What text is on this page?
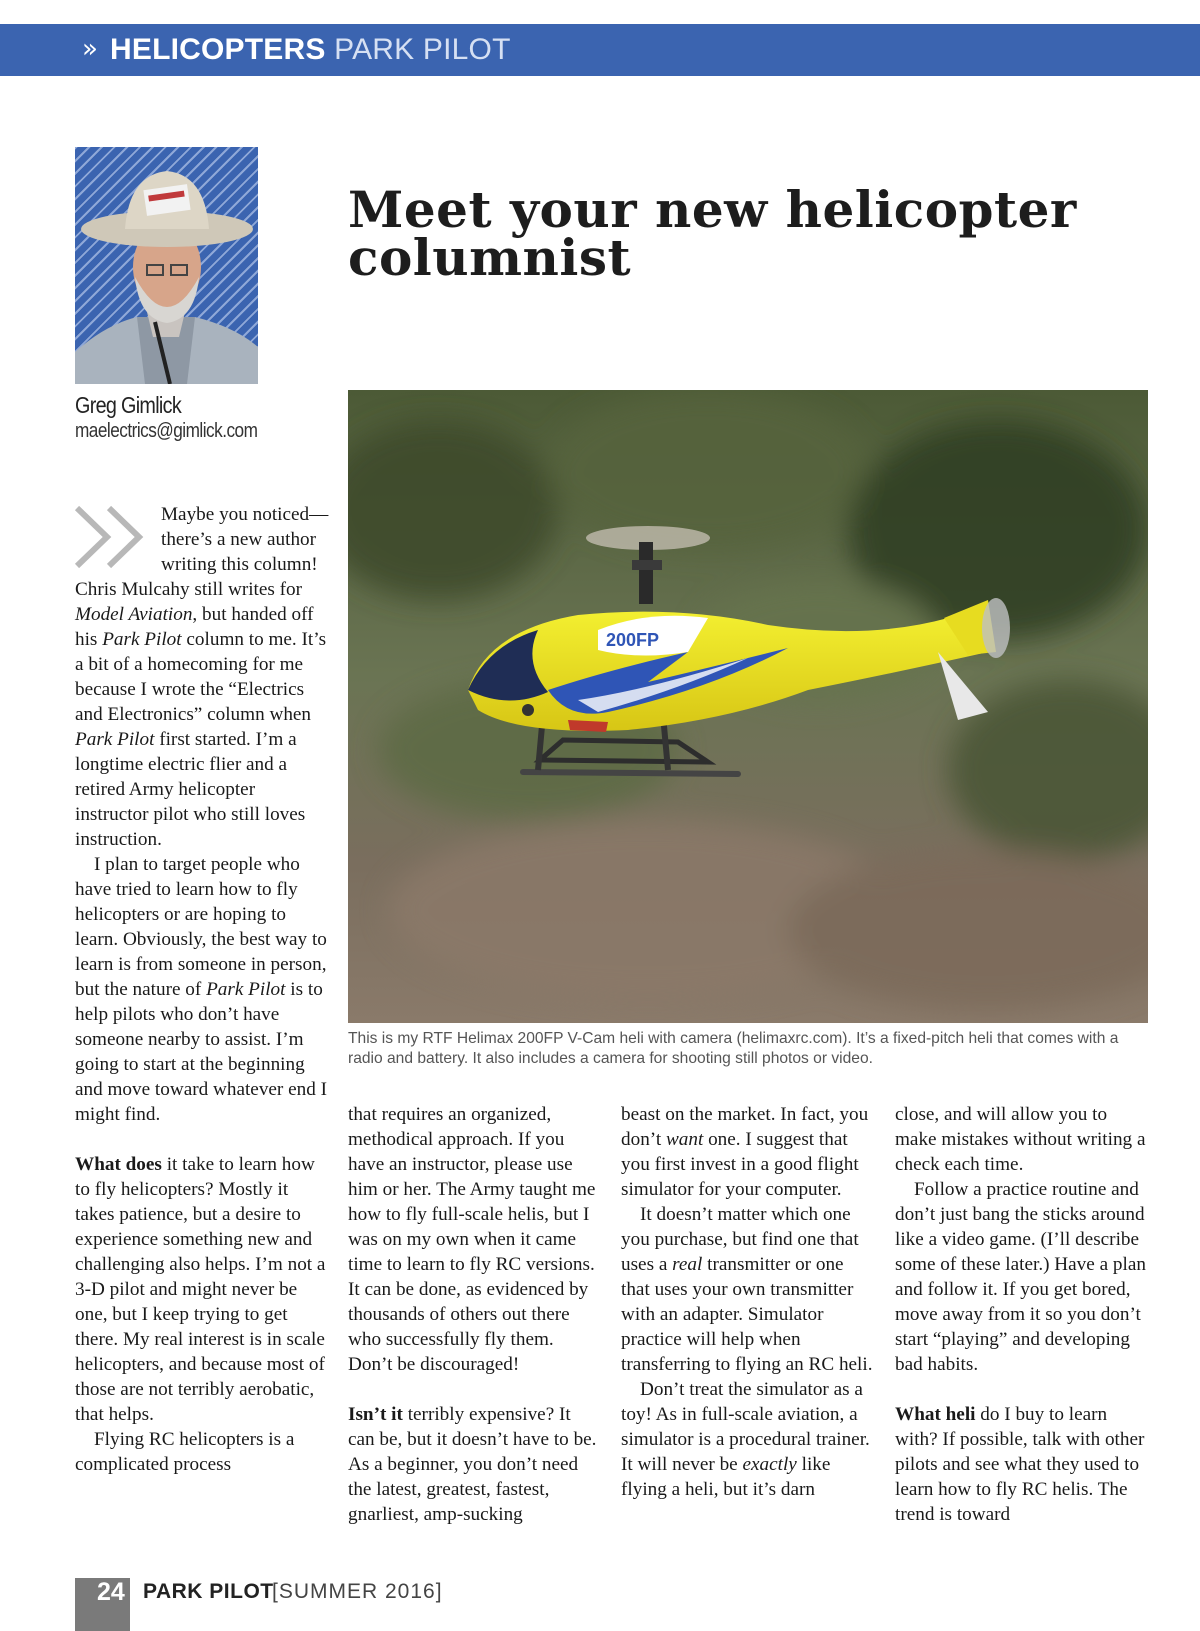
» HELICOPTERS PARK PILOT
Greg Gimlick
maelectrics@gimlick.com
Meet your new helicopter columnist
200FP

This is my RTF Helimax 200FP V-Cam heli with camera (helimaxrc.com). It’s a fixed-pitch heli that comes with a radio and battery. It also includes a camera for shooting still photos or video.

Maybe you noticed—there’s a new author writing this column! Chris Mulcahy still writes for Model Aviation, but handed off his Park Pilot column to me. It’s a bit of a homecoming for me because I wrote the “Electrics and Electronics” column when Park Pilot first started. I’m a longtime electric flier and a retired Army helicopter instructor pilot who still loves instruction.

I plan to target people who have tried to learn how to fly helicopters or are hoping to learn. Obviously, the best way to learn is from someone in person, but the nature of Park Pilot is to help pilots who don’t have someone nearby to assist. I’m going to start at the beginning and move toward whatever end I might find.

What does it take to learn how to fly helicopters? Mostly it takes patience, but a desire to experience something new and challenging also helps. I’m not a 3-D pilot and might never be one, but I keep trying to get there. My real interest is in scale helicopters, and because most of those are not terribly aerobatic, that helps.

Flying RC helicopters is a complicated process

that requires an organized, methodical approach. If you have an instructor, please use him or her. The Army taught me how to fly full-scale helis, but I was on my own when it came time to learn to fly RC versions. It can be done, as evidenced by thousands of others out there who successfully fly them. Don’t be discouraged!

Isn’t it terribly expensive? It can be, but it doesn’t have to be. As a beginner, you don’t need the latest, greatest, fastest, gnarliest, amp-sucking

beast on the market. In fact, you don’t want one. I suggest that you first invest in a good flight simulator for your computer.

It doesn’t matter which one you purchase, but find one that uses a real transmitter or one that uses your own transmitter with an adapter. Simulator practice will help when transferring to flying an RC heli.

Don’t treat the simulator as a toy! As in full-scale aviation, a simulator is a procedural trainer. It will never be exactly like flying a heli, but it’s darn

close, and will allow you to make mistakes without writing a check each time.

Follow a practice routine and don’t just bang the sticks around like a video game. (I’ll describe some of these later.) Have a plan and follow it. If you get bored, move away from it so you don’t start “playing” and developing bad habits.

What heli do I buy to learn with? If possible, talk with other pilots and see what they used to learn how to fly RC helis. The trend is toward

24 PARK PILOT
[SUMMER 2016]
